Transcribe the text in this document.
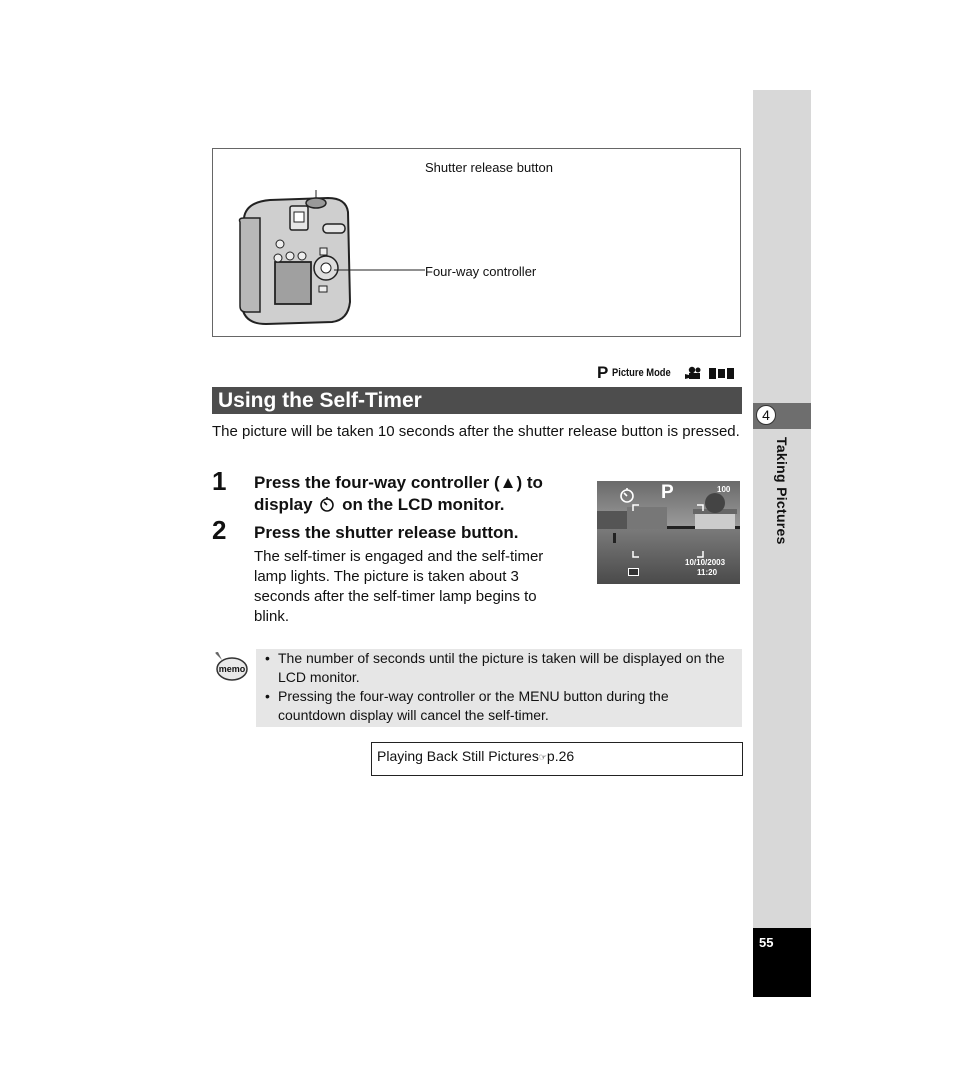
4
Taking Pictures
55
Shutter release button
Four-way controller
P Picture Mode
Using the Self-Timer
The picture will be taken 10 seconds after the shutter release button is pressed.
1 Press the four-way controller (▲) to
display on the LCD monitor.
2 Press the shutter release button.
The self-timer is engaged and the self-timer lamp lights. The picture is taken about 3 seconds after the self-timer lamp begins to blink.
P	100
10/10/2003
11:20
memo
• The number of seconds until the picture is taken will be displayed on the LCD monitor.
• Pressing the four-way controller or the MENU button during the countdown display will cancel the self-timer.
Playing Back Still Pictures☞p.26
